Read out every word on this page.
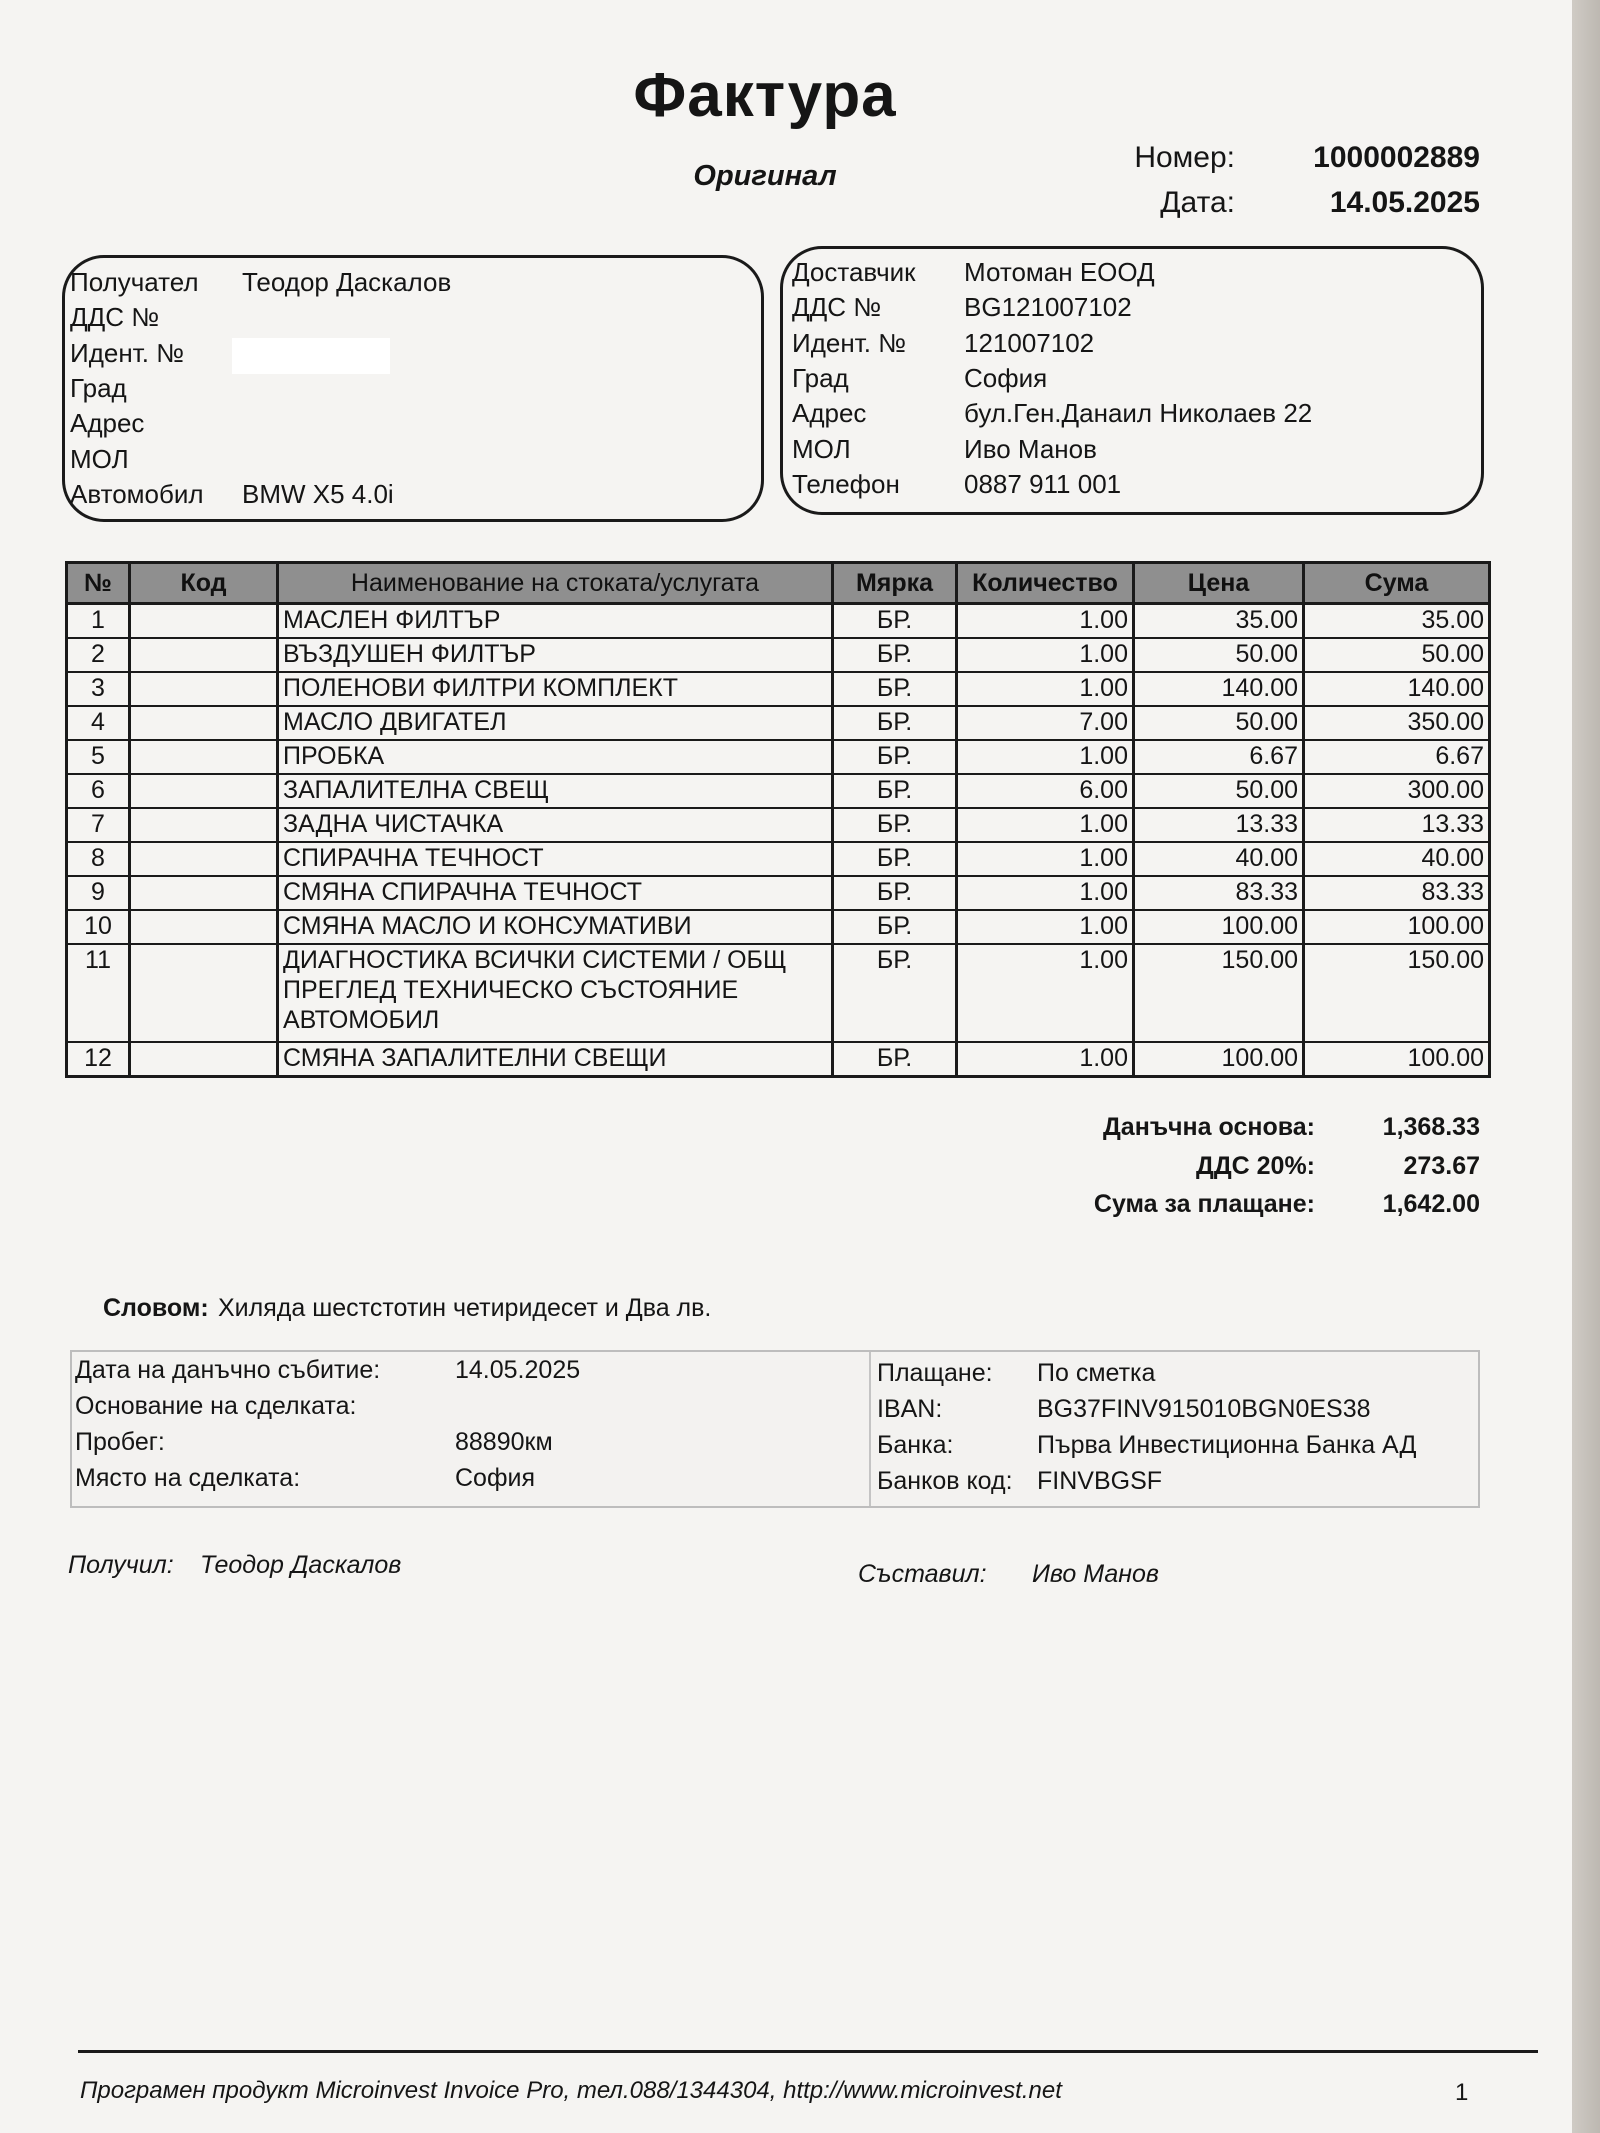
Фактура
Оригинал
Номер:	1000002889
Дата:	14.05.2025
Получател Теодор Даскалов
ДДС №
Идент. №
Град
Адрес
МОЛ
Автомобил BMW X5 4.0i
Доставчик Мотоман ЕООД
ДДС №	BG121007102
Идент. № 121007102
Град	София
Адрес	бул.Ген.Данаил Николаев 22
МОЛ	Иво Манов
Телефон 0887 911 001
№	Код	Наименование на стоката/услугата	Мярка	Количество	Цена	Сума
1		МАСЛЕН ФИЛТЪР	БР.	1.00	35.00	35.00
2		ВЪЗДУШЕН ФИЛТЪР	БР.	1.00	50.00	50.00
3		ПОЛЕНОВИ ФИЛТРИ КОМПЛЕКТ	БР.	1.00	140.00	140.00
4		МАСЛО ДВИГАТЕЛ	БР.	7.00	50.00	350.00
5		ПРОБКА	БР.	1.00	6.67	6.67
6		ЗАПАЛИТЕЛНА СВЕЩ	БР.	6.00	50.00	300.00
7		ЗАДНА ЧИСТАЧКА	БР.	1.00	13.33	13.33
8		СПИРАЧНА ТЕЧНОСТ	БР.	1.00	40.00	40.00
9		СМЯНА СПИРАЧНА ТЕЧНОСТ	БР.	1.00	83.33	83.33
10		СМЯНА МАСЛО И КОНСУМАТИВИ	БР.	1.00	100.00	100.00
11		ДИАГНОСТИКА ВСИЧКИ СИСТЕМИ / ОБЩ ПРЕГЛЕД ТЕХНИЧЕСКО СЪСТОЯНИЕ АВТОМОБИЛ	БР.	1.00	150.00	150.00
12		СМЯНА ЗАПАЛИТЕЛНИ СВЕЩИ	БР.	1.00	100.00	100.00
Данъчна основа:	1,368.33
ДДС 20%:	273.67
Сума за плащане:	1,642.00
Словом: Хиляда шестстотин четиридесет и Два лв.
Дата на данъчно събитие:	14.05.2025
Основание на сделката:
Пробег:	88890км
Място на сделката:	София
Плащане: По сметка
IBAN:	BG37FINV915010BGN0ES38
Банка:	Първа Инвестиционна Банка АД
Банков код: FINVBGSF
Получил: Теодор Даскалов	Съставил: Иво Манов
Програмен продукт Microinvest Invoice Pro, тел.088/1344304, http://www.microinvest.net	1
